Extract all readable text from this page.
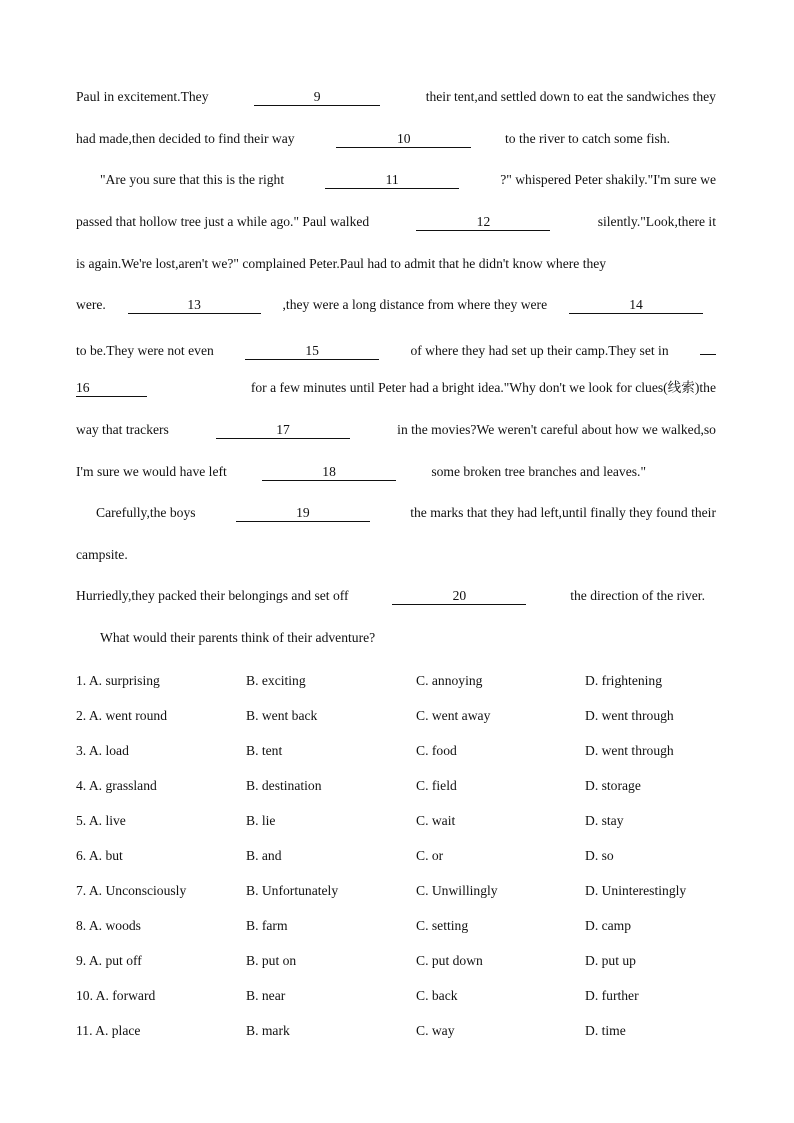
Paul in excitement.They	9	their tent,and settled down to eat the sandwiches they
had made,then decided to find their way	10	to the river to catch some fish.
"Are you sure that this is the right	11	?" whispered Peter shakily."I'm sure we
passed that hollow tree just a while ago." Paul walked	12	silently."Look,there it
is again.We're lost,aren't we?" complained Peter.Paul had to admit that he didn't know where they
were.	13	,they were a long distance from where they were	14
to be.They were not even	15	of where they had set up their camp.They set in
16	for a few minutes until Peter had a bright idea."Why don't we look for clues(线索)the
way that trackers	17	in the movies?We weren't careful about how we walked,so
I'm sure we would have left	18	some broken tree branches and leaves."
Carefully,the boys	19	the marks that they had left,until finally they found their
campsite.
Hurriedly,they packed their belongings and set off	20	the direction of the river.
What would their parents think of their adventure?
1. A. surprising	B. exciting	C. annoying	D. frightening
2. A. went round	B. went back	C. went away	D. went through
3. A. load	B. tent	C. food	D. went through
4. A. grassland	B. destination	C. field	D. storage
5. A. live	B. lie	C. wait	D. stay
6. A. but	B. and	C. or	D. so
7. A. Unconsciously	B. Unfortunately	C. Unwillingly	D. Uninterestingly
8. A. woods	B. farm	C. setting	D. camp
9. A. put off	B. put on	C. put down	D. put up
10. A. forward	B. near	C. back	D. further
11. A. place	B. mark	C. way	D. time
